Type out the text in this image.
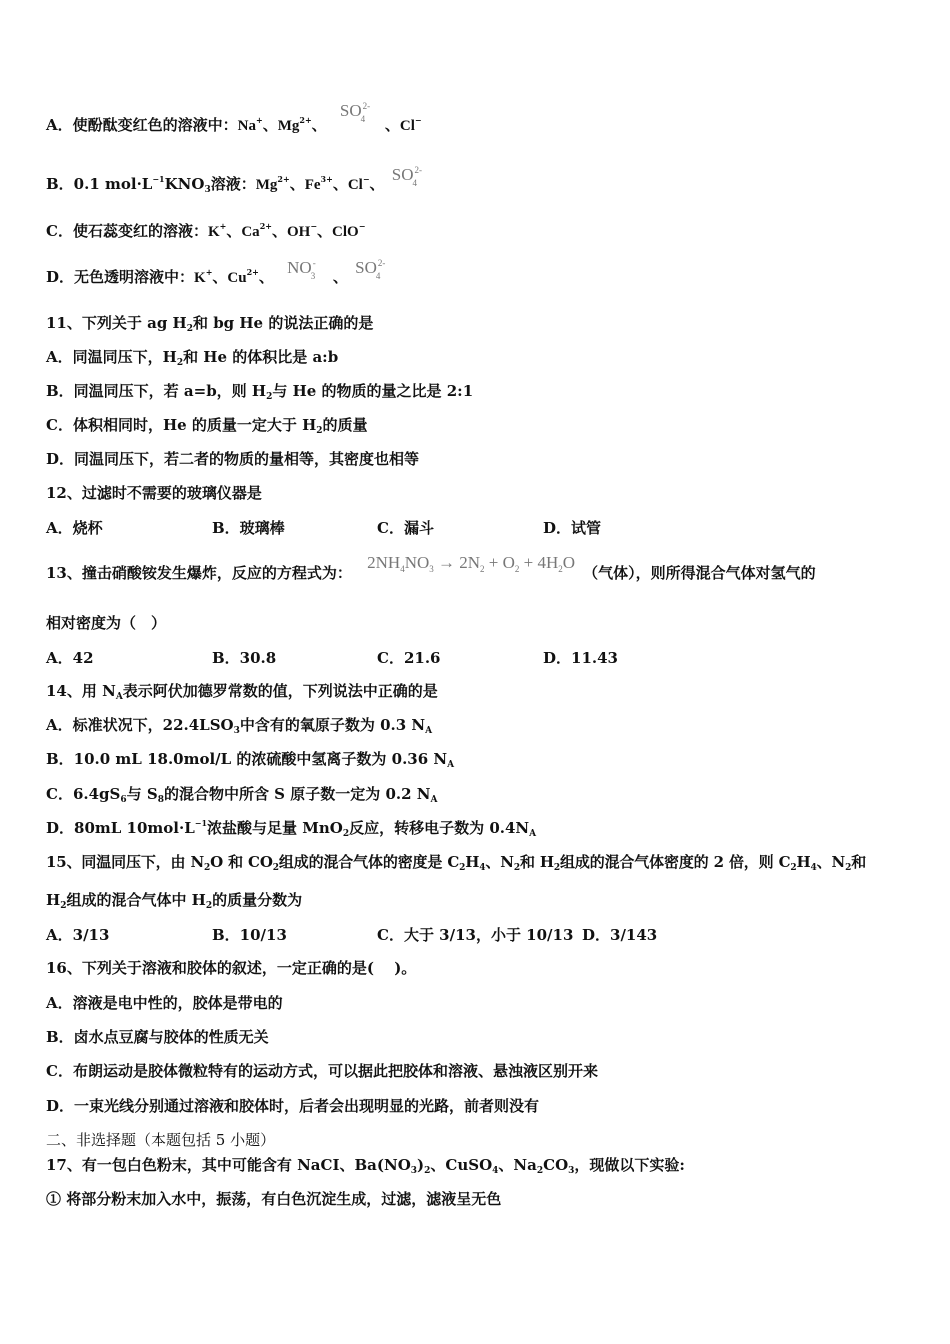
A．使酚酞变红色的溶液中：Na+、$Mg^{2+}$、 SO 2-
4 、Cl−
B．0.1 $mol\cdot L^{-1}KNO_3$溶液：$Mg^{2+}$、$Fe^{3+}$、Cl−、 SO 2-
4
C．使石蕊变红的溶液：K+、$Ca^{2+}$、OH−、ClO−
D．无色透明溶液中：K+、$Cu^{2+}$、 NO -
3 、 SO 2-
4
11、下列关于 ag $H_2$和 bg He 的说法正确的是
A．同温同压下，$H_2$和 He 的体积比是 a:b
B．同温同压下，若 a=b，则 $H_2$与 He 的物质的量之比是 2:1
C．体积相同时，He 的质量一定大于 $H_2$的质量
D．同温同压下，若二者的物质的量相等，其密度也相等
12、过滤时不需要的玻璃仪器是
A．烧杯	B．玻璃棒	C．漏斗	D．试管
13、撞击硝酸铵发生爆炸，反应的方程式为： $2NH_4NO_3 \to 2N_2 + O_2 + 4H_2O$（气体），则所得混合气体对氢气的
相对密度为（　）
A．42	B．30.8	C．21.6	D．11.43
14、用 $N_A$表示阿伏加德罗常数的值，下列说法中正确的是
A．标准状况下，$22.4LSO_3$中含有的氧原子数为 0.3 $N_A$
B．10.0 mL 18.0mol/L 的浓硫酸中氢离子数为 0.36 $N_A$
C．$6.4gS_6$与 $S_8$的混合物中所含 S 原子数一定为 0.2 $N_A$
D．80mL $10mol\cdot L^{-1}$浓盐酸与足量 MnO$_2$反应，转移电子数为 $0.4N_A$
15、同温同压下，由 $N_2O$ 和 $CO_2$组成的混合气体的密度是 $C_2H_4$、$N_2$和 $H_2$组成的混合气体密度的 2 倍，则 $C_2H_4$、$N_2$和
$H_2$组成的混合气体中 $H_2$的质量分数为
A．3/13	B．10/13	C．大于 3/13，小于 10/13 D．3/143
16、下列关于溶液和胶体的叙述，一定正确的是(　 )。
A．溶液是电中性的，胶体是带电的
B．卤水点豆腐与胶体的性质无关
C．布朗运动是胶体微粒特有的运动方式，可以据此把胶体和溶液、悬浊液区别开来
D．一束光线分别通过溶液和胶体时，后者会出现明显的光路，前者则没有
二、非选择题（本题包括 5 小题）
17、有一包白色粉末，其中可能含有 NaCI、$Ba(NO_3)_2$、CuSO$_4$、$Na_2CO_3$，现做以下实验:
① 将部分粉末加入水中，振荡，有白色沉淀生成，过滤，滤液呈无色
